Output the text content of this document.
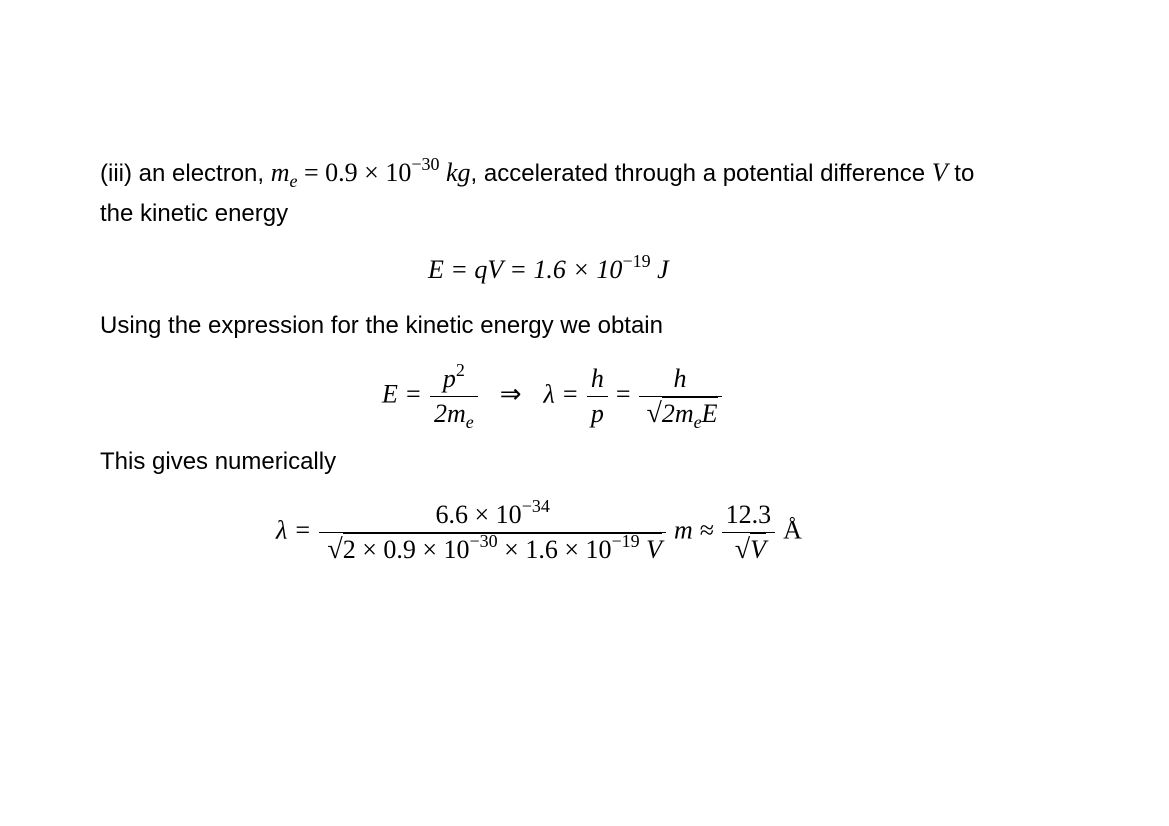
(iii) an electron, $m_e = 0.9 \times 10^{-30}$ kg, accelerated through a potential difference V to
the kinetic energy
E = qV = $1.6 \times 10^{-19}$ J
Using the expression for the kinetic energy we obtain
$E = \frac{p^2}{2m_e}$ ⇒ $\lambda = \frac{h}{p} = \frac{h}{√2m_eE}$
This gives numerically
$\lambda = \frac{6.6 \times 10^{-34}}{√2 \times 0.9 \times 10^{-30} \times 1.6 \times 10^{-19} V}$ $m \approx \frac{12.3}{√V}$ Å
